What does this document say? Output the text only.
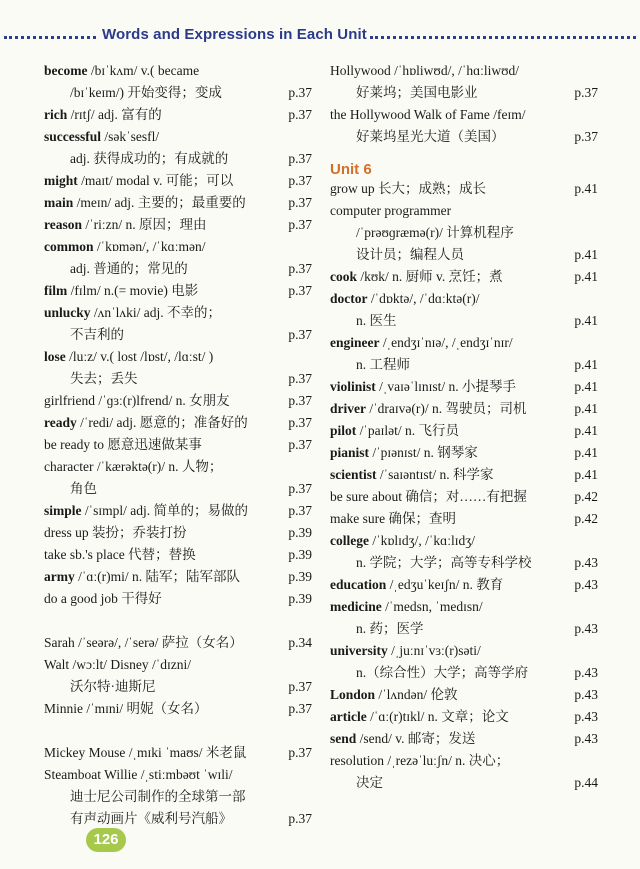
Words and Expressions in Each Unit
become /bɪˈkʌm/ v.( became
/bɪˈkeɪm/) 开始变得；变成	p.37
rich /rɪtʃ/ adj. 富有的	p.37
successful /səkˈsesfl/
adj. 获得成功的；有成就的	p.37
might /maɪt/ modal v. 可能；可以	p.37
main /meɪn/ adj. 主要的；最重要的	p.37
reason /ˈriːzn/ n. 原因；理由	p.37
common /ˈkɒmən/, /ˈkɑːmən/
adj. 普通的；常见的	p.37
film /fɪlm/ n.(= movie) 电影	p.37
unlucky /ʌnˈlʌki/ adj. 不幸的；
不吉利的	p.37
lose /luːz/ v.( lost /lɒst/, /lɑːst/ )
失去；丢失	p.37
girlfriend /ˈɡɜː(r)lfrend/ n. 女朋友	p.37
ready /ˈredi/ adj. 愿意的；准备好的	p.37
be ready to 愿意迅速做某事	p.37
character /ˈkærəktə(r)/ n. 人物；
角色	p.37
simple /ˈsɪmpl/ adj. 简单的；易做的	p.37
dress up 装扮；乔装打扮	p.39
take sb.'s place 代替；替换	p.39
army /ˈɑː(r)mi/ n. 陆军；陆军部队	p.39
do a good job 干得好	p.39
Sarah /ˈseərə/, /ˈserə/ 萨拉（女名）	p.34
Walt /wɔːlt/ Disney /ˈdɪzni/
沃尔特·迪斯尼	p.37
Minnie /ˈmɪni/ 明妮（女名）	p.37
Mickey Mouse /ˌmɪki ˈmaʊs/ 米老鼠	p.37
Steamboat Willie /ˌstiːmbəʊt ˈwɪli/
迪士尼公司制作的全球第一部
有声动画片《威利号汽船》	p.37
Hollywood /ˈhɒliwʊd/, /ˈhɑːliwʊd/
好莱坞；美国电影业	p.37
the Hollywood Walk of Fame /feɪm/
好莱坞星光大道（美国）	p.37
Unit 6
grow up 长大；成熟；成长	p.41
computer programmer
/ˈprəʊɡræmə(r)/ 计算机程序
设计员；编程人员	p.41
cook /kʊk/ n. 厨师 v. 烹饪；煮	p.41
doctor /ˈdɒktə/, /ˈdɑːktə(r)/
n. 医生	p.41
engineer /ˌendʒɪˈnɪə/, /ˌendʒɪˈnɪr/
n. 工程师	p.41
violinist /ˌvaɪəˈlɪnɪst/ n. 小提琴手	p.41
driver /ˈdraɪvə(r)/ n. 驾驶员；司机	p.41
pilot /ˈpaɪlət/ n. 飞行员	p.41
pianist /ˈpɪənɪst/ n. 钢琴家	p.41
scientist /ˈsaɪəntɪst/ n. 科学家	p.41
be sure about 确信；对……有把握	p.42
make sure 确保；查明	p.42
college /ˈkɒlɪdʒ/, /ˈkɑːlɪdʒ/
n. 学院；大学；高等专科学校	p.43
education /ˌedʒuˈkeɪʃn/ n. 教育	p.43
medicine /ˈmedsn, ˈmedɪsn/
n. 药；医学	p.43
university /ˌjuːnɪˈvɜː(r)səti/
n.（综合性）大学；高等学府	p.43
London /ˈlʌndən/ 伦敦	p.43
article /ˈɑː(r)tɪkl/ n. 文章；论文	p.43
send /send/ v. 邮寄；发送	p.43
resolution /ˌrezəˈluːʃn/ n. 决心；
决定	p.44
126
